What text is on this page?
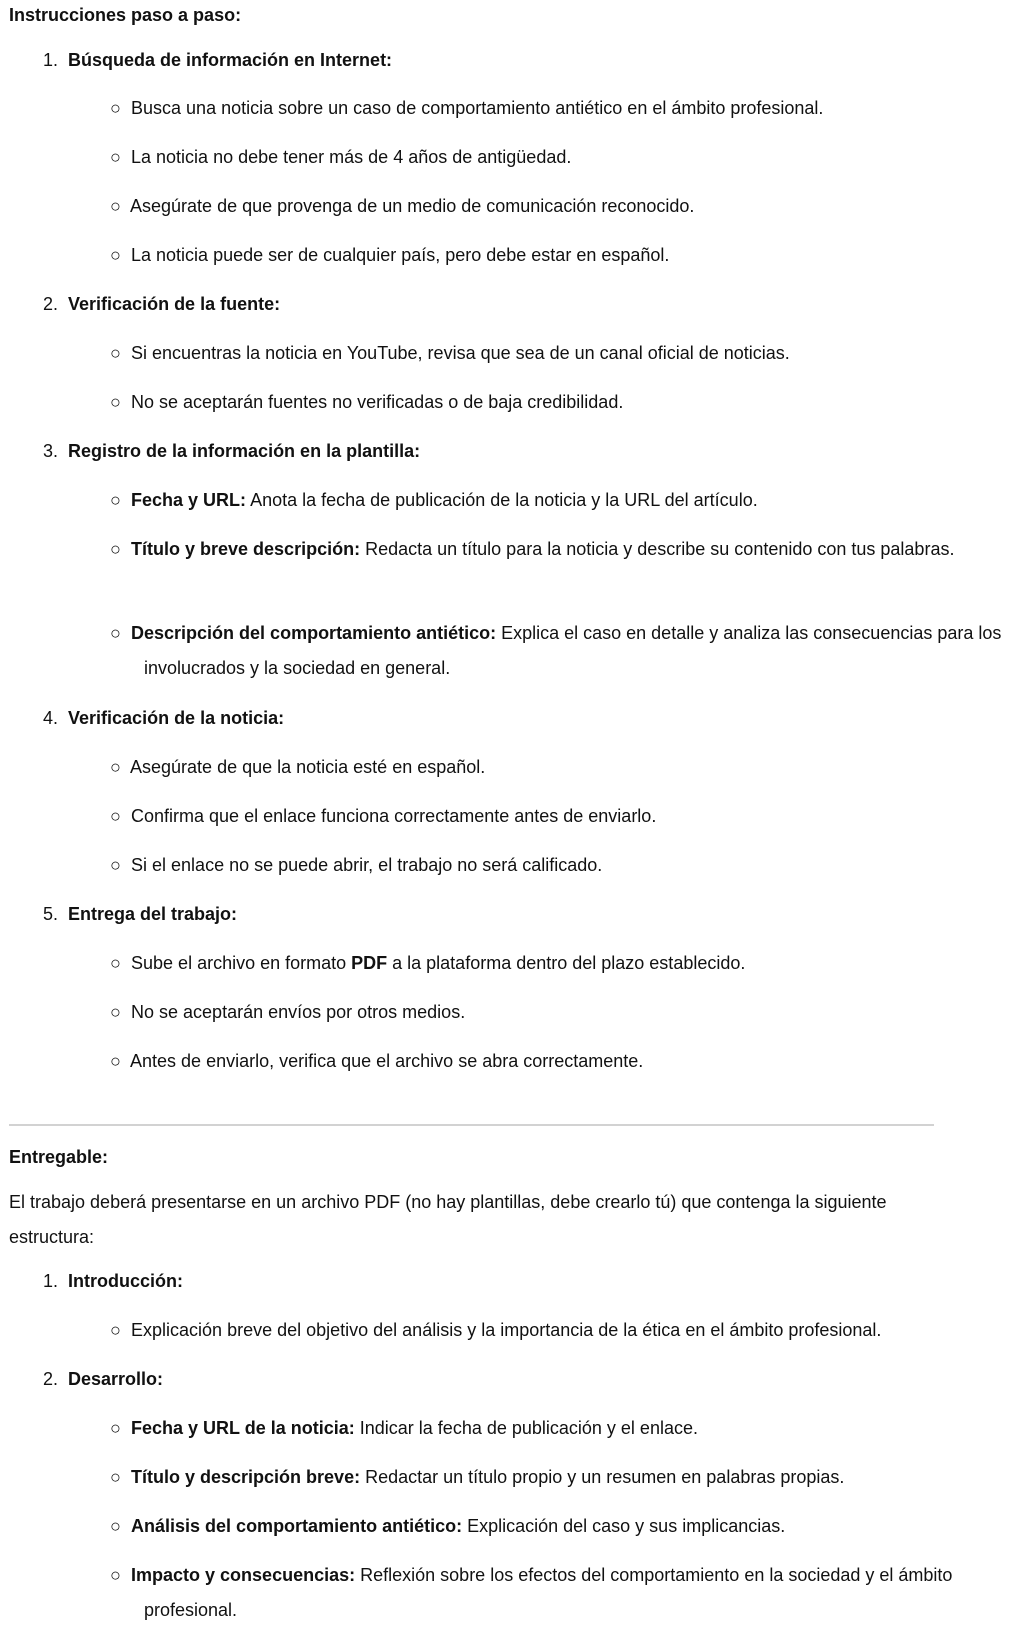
Instrucciones paso a paso:
1. Búsqueda de información en Internet:
○ Busca una noticia sobre un caso de comportamiento antiético en el ámbito profesional.
○ La noticia no debe tener más de 4 años de antigüedad.
○ Asegúrate de que provenga de un medio de comunicación reconocido.
○ La noticia puede ser de cualquier país, pero debe estar en español.
2. Verificación de la fuente:
○ Si encuentras la noticia en YouTube, revisa que sea de un canal oficial de noticias.
○ No se aceptarán fuentes no verificadas o de baja credibilidad.
3. Registro de la información en la plantilla:
○ Fecha y URL: Anota la fecha de publicación de la noticia y la URL del artículo.
○ Título y breve descripción: Redacta un título para la noticia y describe su contenido con tus palabras.
○ Descripción del comportamiento antiético: Explica el caso en detalle y analiza las consecuencias para los involucrados y la sociedad en general.
4. Verificación de la noticia:
○ Asegúrate de que la noticia esté en español.
○ Confirma que el enlace funciona correctamente antes de enviarlo.
○ Si el enlace no se puede abrir, el trabajo no será calificado.
5. Entrega del trabajo:
○ Sube el archivo en formato PDF a la plataforma dentro del plazo establecido.
○ No se aceptarán envíos por otros medios.
○ Antes de enviarlo, verifica que el archivo se abra correctamente.
Entregable:
El trabajo deberá presentarse en un archivo PDF (no hay plantillas, debe crearlo tú) que contenga la siguiente estructura:
1. Introducción:
○ Explicación breve del objetivo del análisis y la importancia de la ética en el ámbito profesional.
2. Desarrollo:
○ Fecha y URL de la noticia: Indicar la fecha de publicación y el enlace.
○ Título y descripción breve: Redactar un título propio y un resumen en palabras propias.
○ Análisis del comportamiento antiético: Explicación del caso y sus implicancias.
○ Impacto y consecuencias: Reflexión sobre los efectos del comportamiento en la sociedad y el ámbito profesional.
